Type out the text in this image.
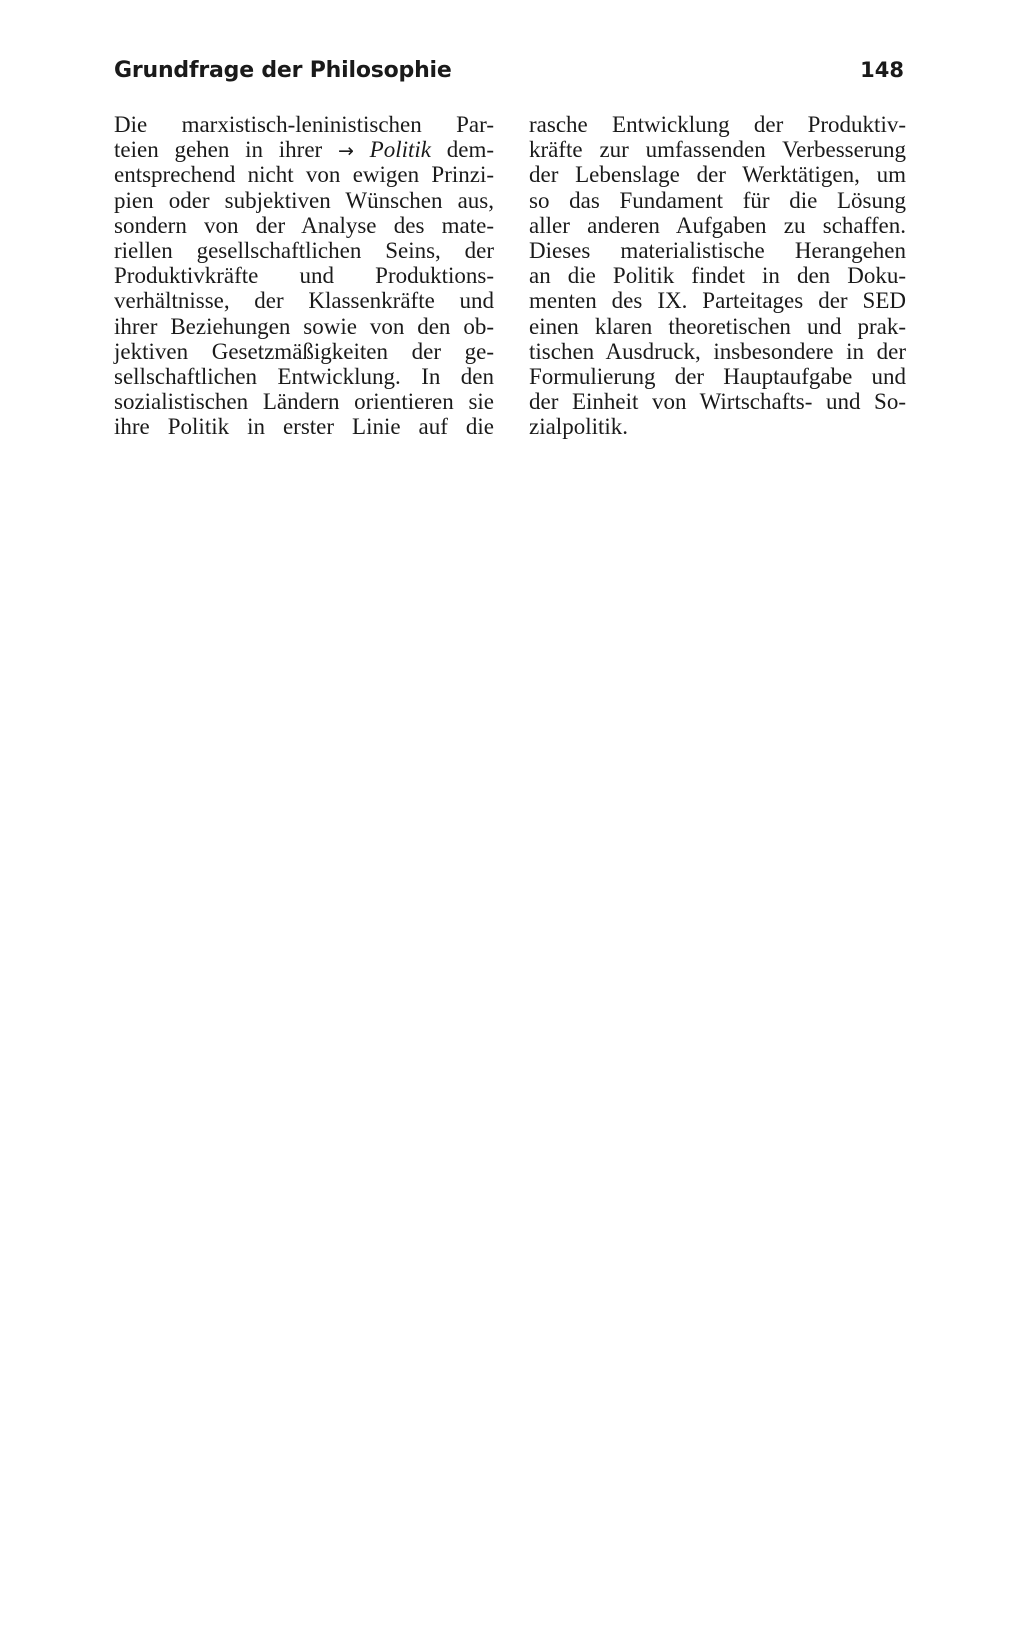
Grundfrage der Philosophie	148
Die marxistisch-leninistischen Par-
teien gehen in ihrer → Politik dem-
entsprechend nicht von ewigen Prinzi-
pien oder subjektiven Wünschen aus,
sondern von der Analyse des mate-
riellen gesellschaftlichen Seins, der
Produktivkräfte und Produktions-
verhältnisse, der Klassenkräfte und
ihrer Beziehungen sowie von den ob-
jektiven Gesetzmäßigkeiten der ge-
sellschaftlichen Entwicklung. In den
sozialistischen Ländern orientieren sie
ihre Politik in erster Linie auf die
rasche Entwicklung der Produktiv-
kräfte zur umfassenden Verbesserung
der Lebenslage der Werktätigen, um
so das Fundament für die Lösung
aller anderen Aufgaben zu schaffen.
Dieses materialistische Herangehen
an die Politik findet in den Doku-
menten des IX. Parteitages der SED
einen klaren theoretischen und prak-
tischen Ausdruck, insbesondere in der
Formulierung der Hauptaufgabe und
der Einheit von Wirtschafts- und So-
zialpolitik.
